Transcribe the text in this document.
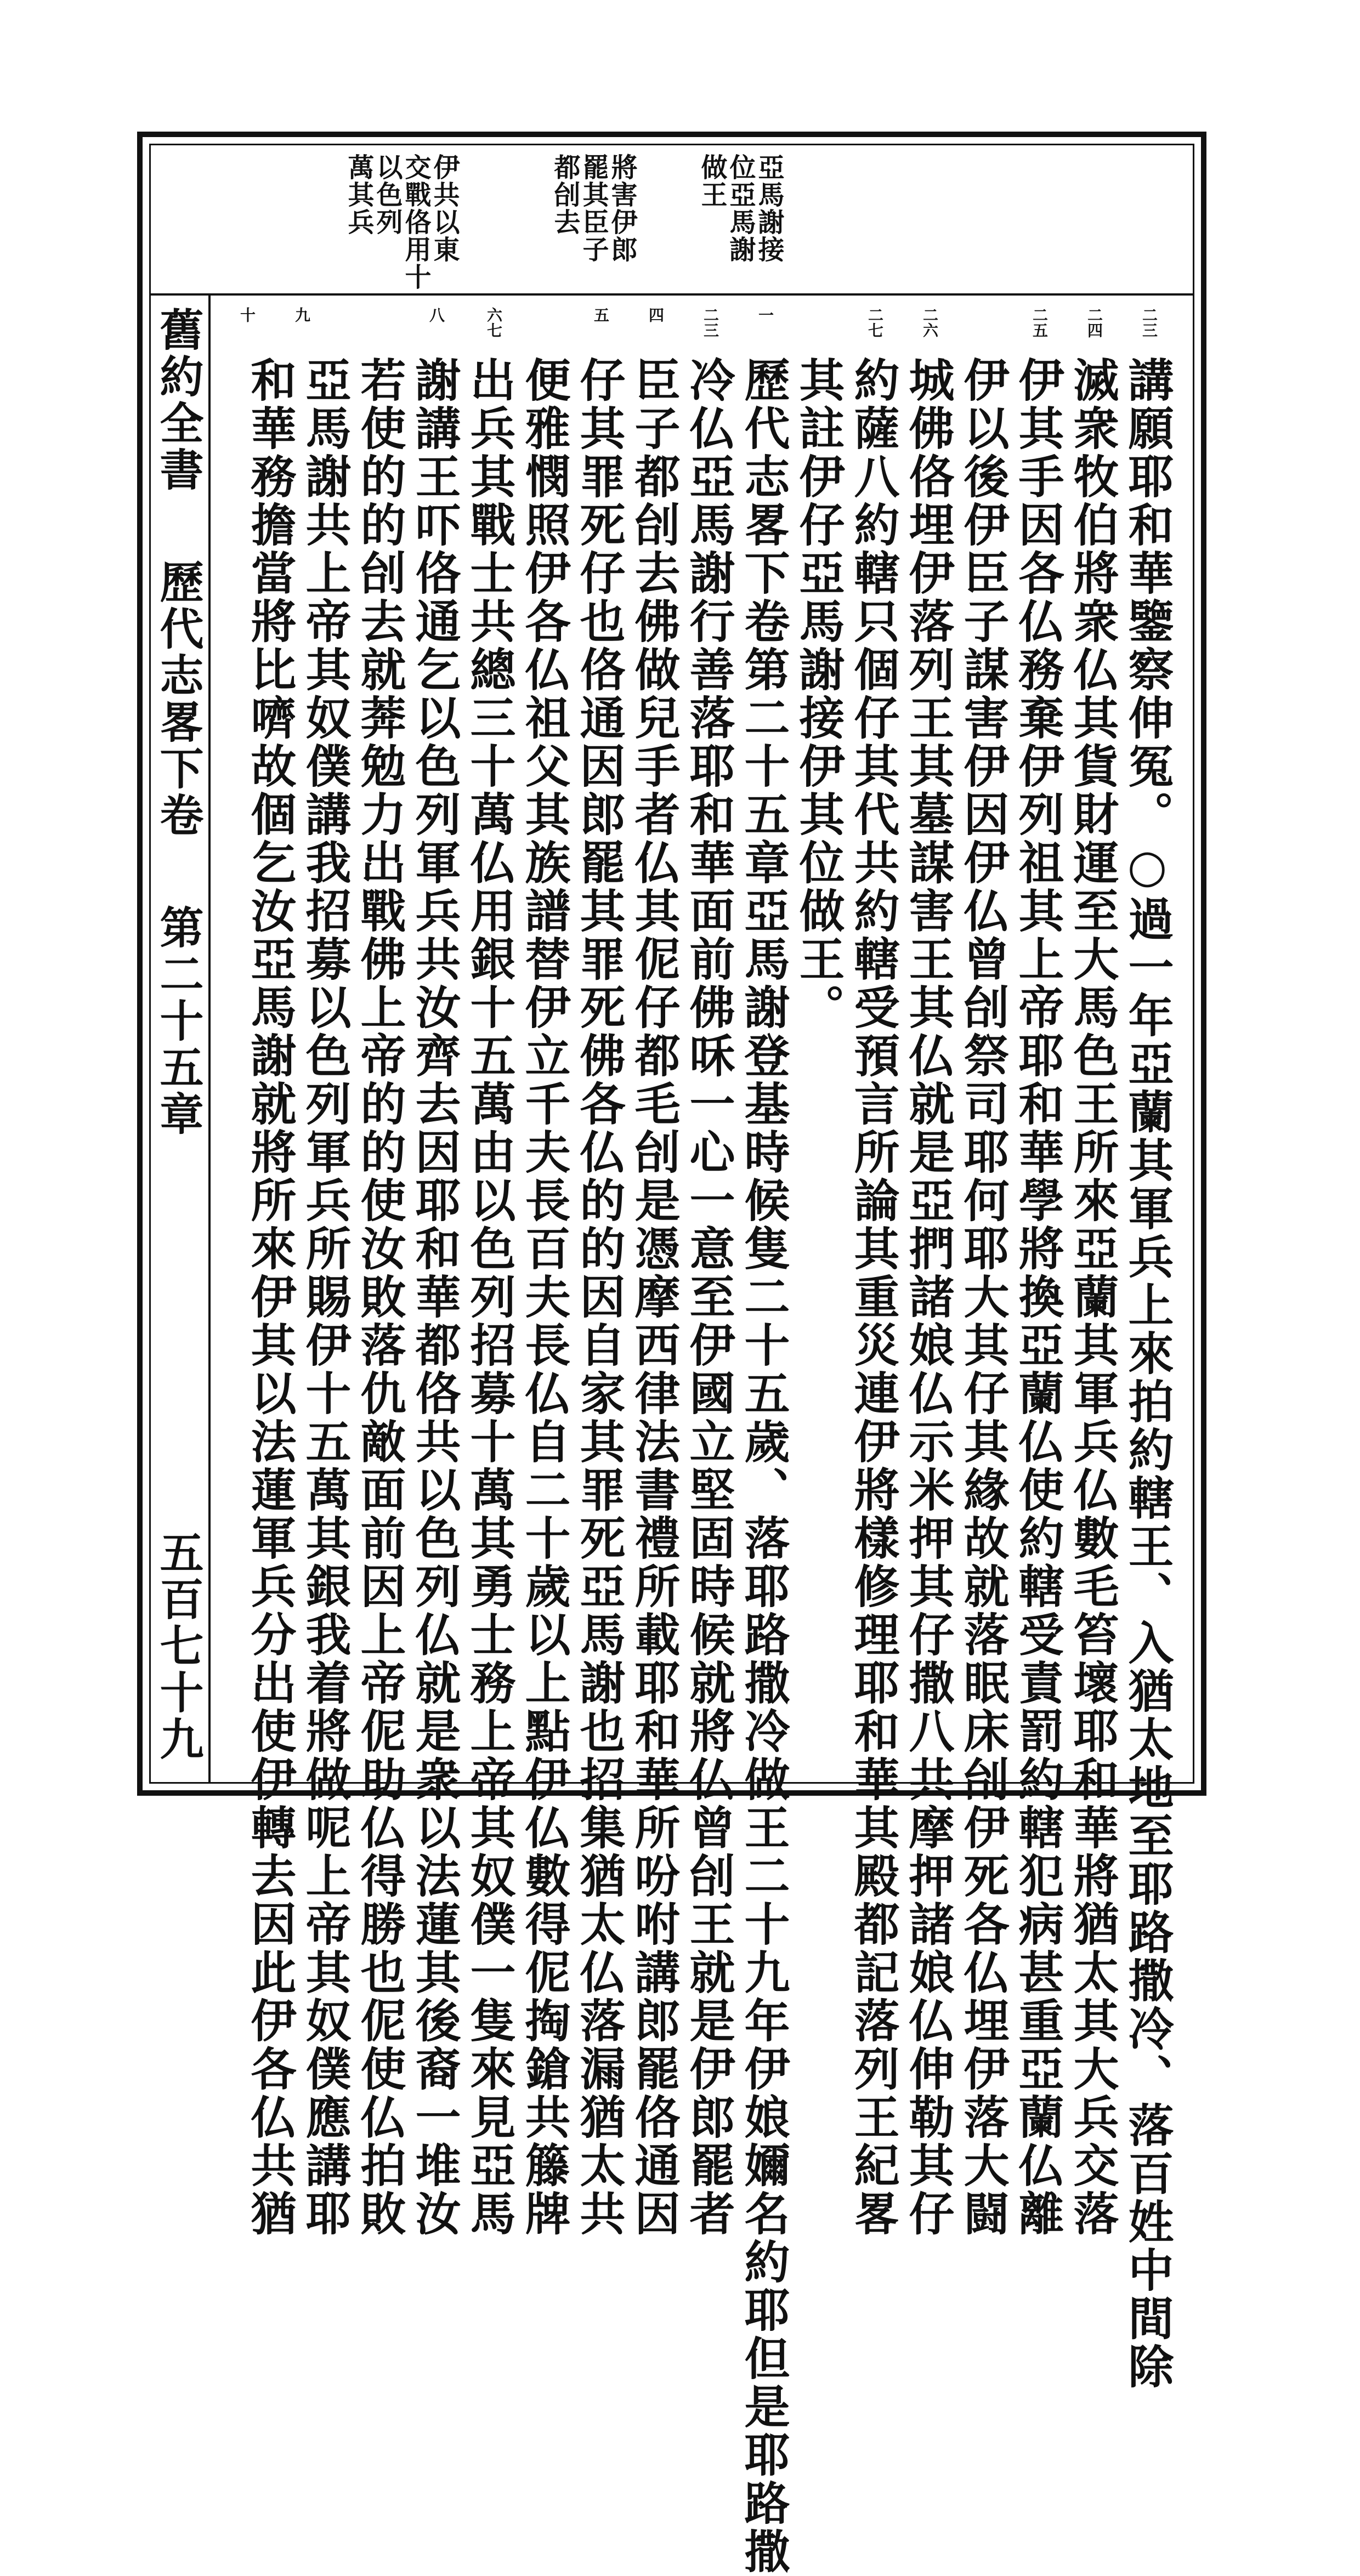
舊約全書歷代志畧下卷第二十五章
五百七十九
亞馬謝接
位亞馬謝
做王
將害伊郎
罷其臣子
都刣去
伊共以東
交戰佫用十
以色列
萬其兵
二三
二四
二五
二六
二七
一
二三
四
五
六七
八
九
十
講願耶和華鑒察伸冤。○過一年亞蘭其軍兵上來拍約轄王、入猶太地至耶路撒冷、落百姓中間除
滅衆牧伯將衆仏其貨財運至大馬色王所來亞蘭其軍兵仏數毛笞壞耶和華將猶太其大兵交落
伊其手因各仏務棄伊列祖其上帝耶和華學將換亞蘭仏使約轄受責罰約轄犯病甚重亞蘭仏離
伊以後伊臣子謀害伊因伊仏曾刣祭司耶何耶大其仔其緣故就落眠床刣伊死各仏埋伊落大闘
城佛佫埋伊落列王其墓謀害王其仏就是亞捫諸娘仏示米押其仔撒八共摩押諸娘仏伸勒其仔
約薩八約轄只個仔其代共約轄受預言所論其重災連伊將樣修理耶和華其殿都記落列王紀畧
其註伊仔亞馬謝接伊其位做王。
歷代志畧下卷第二十五章亞馬謝登基時候隻二十五歲、落耶路撒冷做王二十九年伊娘嬭名約耶但是耶路撒
冷仏亞馬謝行善落耶和華面前佛咊一心一意至伊國立堅固時候就將仏曾刣王就是伊郎罷者
臣子都刣去佛做兒手者仏其伲仔都毛刣是憑摩西律法書禮所載耶和華所吩咐講郎罷佫通因
仔其罪死仔也佫通因郎罷其罪死佛各仏的的因自家其罪死亞馬謝也招集猶太仏落漏猶太共
便雅憫照伊各仏祖父其族譜替伊立千夫長百夫長仏自二十歲以上點伊仏數得伲掏鎗共籐牌
出兵其戰士共總三十萬仏用銀十五萬由以色列招募十萬其勇士務上帝其奴僕一隻來見亞馬
謝講王吓佫通乞以色列軍兵共汝齊去因耶和華都佫共以色列仏就是衆以法蓮其後裔一堆汝
若使的的刣去就莾勉力出戰佛上帝的的使汝敗落仇敵面前因上帝伲助仏得勝也伲使仏拍敗
亞馬謝共上帝其奴僕講我招募以色列軍兵所賜伊十五萬其銀我着將做呢上帝其奴僕應講耶
和華務擔當將比嚌故個乞汝亞馬謝就將所來伊其以法蓮軍兵分出使伊轉去因此伊各仏共猶
